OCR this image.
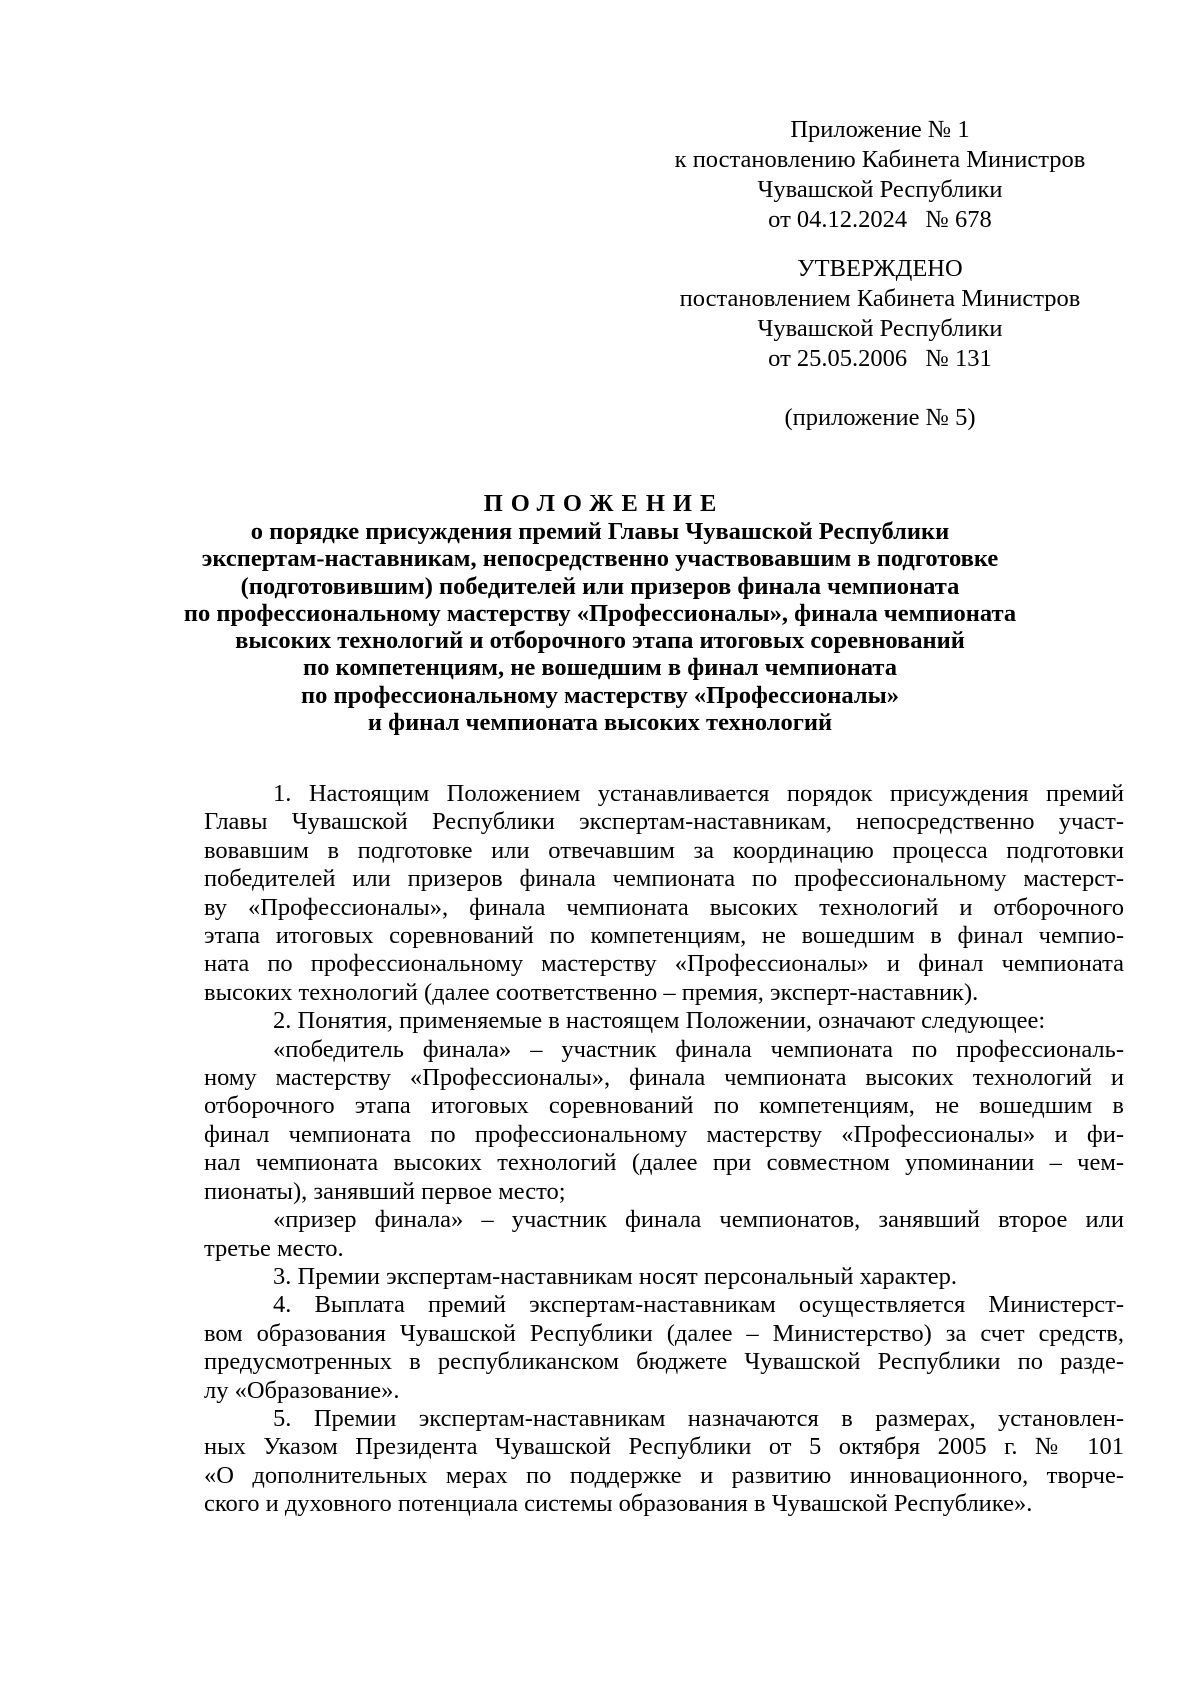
Приложение № 1
к постановлению Кабинета Министров
Чувашской Республики
от 04.12.2024   № 678
УТВЕРЖДЕНО
постановлением Кабинета Министров
Чувашской Республики
от 25.05.2006   № 131
(приложение № 5)
ПОЛОЖЕНИЕ
о порядке присуждения премий Главы Чувашской Республики
экспертам-наставникам, непосредственно участвовавшим в подготовке
(подготовившим) победителей или призеров финала чемпионата
по профессиональному мастерству «Профессионалы», финала чемпионата
высоких технологий и отборочного этапа итоговых соревнований
по компетенциям, не вошедшим в финал чемпионата
по профессиональному мастерству «Профессионалы»
и финал чемпионата высоких технологий
1. Настоящим Положением устанавливается порядок присуждения премий
Главы Чувашской Республики экспертам-наставникам, непосредственно участ-
вовавшим в подготовке или отвечавшим за координацию процесса подготовки
победителей или призеров финала чемпионата по профессиональному мастерст-
ву «Профессионалы», финала чемпионата высоких технологий и отборочного
этапа итоговых соревнований по компетенциям, не вошедшим в финал чемпио-
ната по профессиональному мастерству «Профессионалы» и финал чемпионата
высоких технологий (далее соответственно – премия, эксперт-наставник).
2. Понятия, применяемые в настоящем Положении, означают следующее:
«победитель финала» – участник финала чемпионата по профессиональ-
ному мастерству «Профессионалы», финала чемпионата высоких технологий и
отборочного этапа итоговых соревнований по компетенциям, не вошедшим в
финал чемпионата по профессиональному мастерству «Профессионалы» и фи-
нал чемпионата высоких технологий (далее при совместном упоминании – чем-
пионаты), занявший первое место;
«призер финала» – участник финала чемпионатов, занявший второе или
третье место.
3. Премии экспертам-наставникам носят персональный характер.
4. Выплата премий экспертам-наставникам осуществляется Министерст-
вом образования Чувашской Республики (далее – Министерство) за счет средств,
предусмотренных в республиканском бюджете Чувашской Республики по разде-
лу «Образование».
5. Премии экспертам-наставникам назначаются в размерах, установлен-
ных Указом Президента Чувашской Республики от 5 октября 2005 г. № 101
«О дополнительных мерах по поддержке и развитию инновационного, творче-
ского и духовного потенциала системы образования в Чувашской Республике».
